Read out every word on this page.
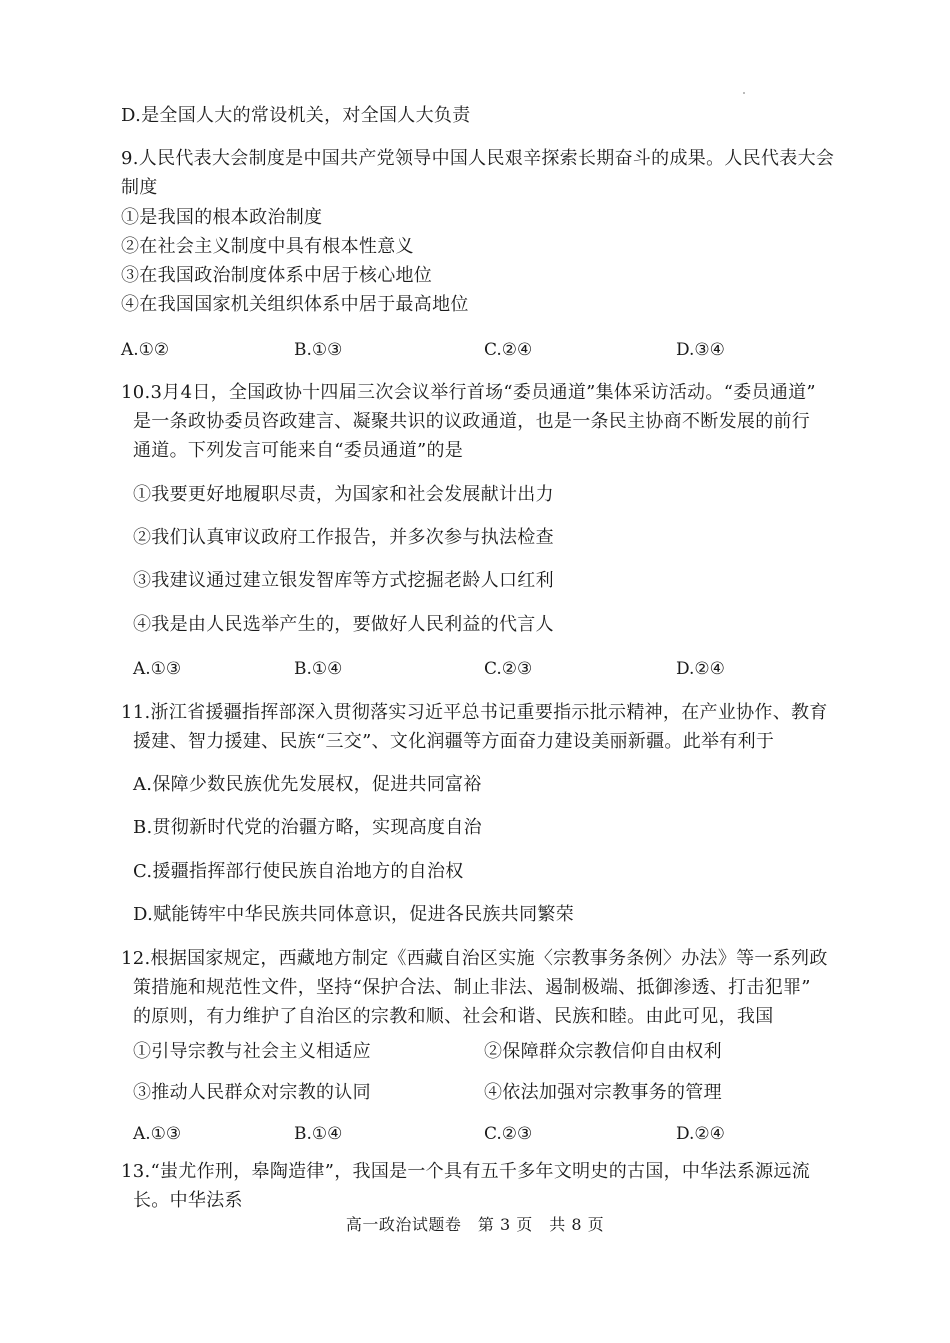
D.是全国人大的常设机关，对全国人大负责
9.人民代表大会制度是中国共产党领导中国人民艰辛探索长期奋斗的成果。人民代表大会
制度
①是我国的根本政治制度
②在社会主义制度中具有根本性意义
③在我国政治制度体系中居于核心地位
④在我国国家机关组织体系中居于最高地位
A.①②	B.①③	C.②④	D.③④
10.3月4日，全国政协十四届三次会议举行首场“委员通道”集体采访活动。“委员通道”
是一条政协委员咨政建言、凝聚共识的议政通道，也是一条民主协商不断发展的前行
通道。下列发言可能来自“委员通道”的是
①我要更好地履职尽责，为国家和社会发展献计出力
②我们认真审议政府工作报告，并多次参与执法检查
③我建议通过建立银发智库等方式挖掘老龄人口红利
④我是由人民选举产生的，要做好人民利益的代言人
A.①③	B.①④	C.②③	D.②④
11.浙江省援疆指挥部深入贯彻落实习近平总书记重要指示批示精神，在产业协作、教育
援建、智力援建、民族“三交”、文化润疆等方面奋力建设美丽新疆。此举有利于
A.保障少数民族优先发展权，促进共同富裕
B.贯彻新时代党的治疆方略，实现高度自治
C.援疆指挥部行使民族自治地方的自治权
D.赋能铸牢中华民族共同体意识，促进各民族共同繁荣
12.根据国家规定，西藏地方制定《西藏自治区实施〈宗教事务条例〉办法》等一系列政
策措施和规范性文件，坚持“保护合法、制止非法、遏制极端、抵御渗透、打击犯罪”
的原则，有力维护了自治区的宗教和顺、社会和谐、民族和睦。由此可见，我国
①引导宗教与社会主义相适应	②保障群众宗教信仰自由权利
③推动人民群众对宗教的认同	④依法加强对宗教事务的管理
A.①③	B.①④	C.②③	D.②④
13.“蚩尤作刑，皋陶造律”，我国是一个具有五千多年文明史的古国，中华法系源远流
长。中华法系
高一政治试题卷　第 3 页　共 8 页
